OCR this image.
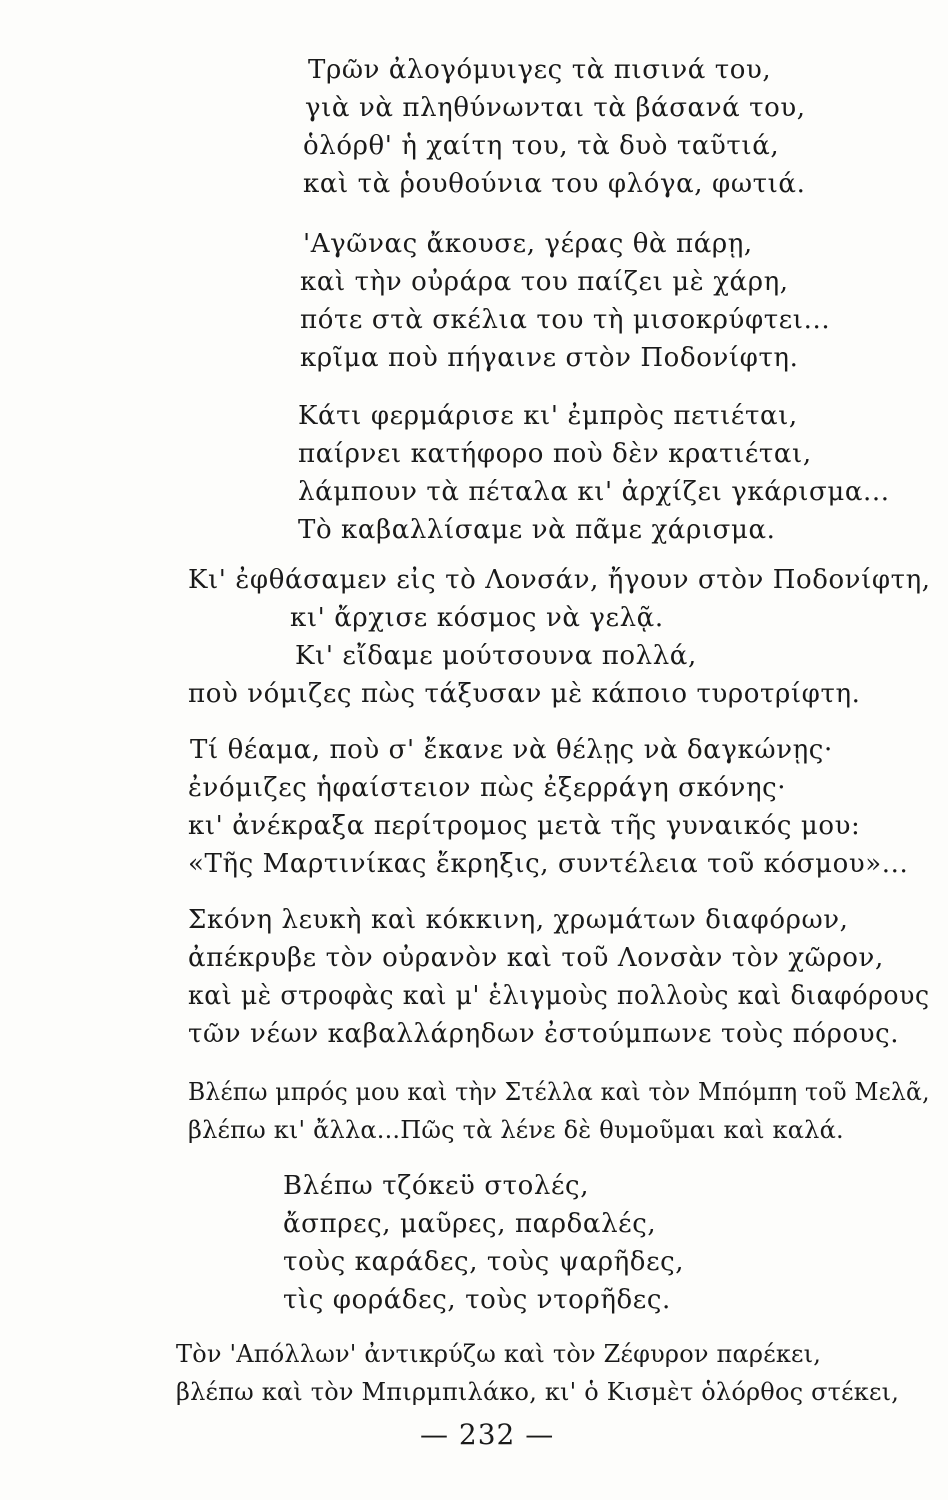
Τρῶν ἀλογόμυιγες τὰ πισινά του,
γιὰ νὰ πληθύνωνται τὰ βάσανά του,
ὁλόρθ' ἡ χαίτη του, τὰ δυὸ ταῦτιά,
καὶ τὰ ῥουθούνια του φλόγα, φωτιά.
'Αγῶνας ἄκουσε, γέρας θὰ πάρῃ,
καὶ τὴν οὐράρα του παίζει μὲ χάρη,
πότε στὰ σκέλια του τὴ μισοκρύφτει...
κρῖμα ποὺ πήγαινε στὸν Ποδονίφτη.
Κάτι φερμάρισε κι' ἐμπρὸς πετιέται,
παίρνει κατήφορο ποὺ δὲν κρατιέται,
λάμπουν τὰ πέταλα κι' ἀρχίζει γκάρισμα...
Τὸ καβαλλίσαμε νὰ πᾶμε χάρισμα.
Κι' ἐφθάσαμεν εἰς τὸ Λονσάν, ἤγουν στὸν Ποδονίφτη,
κι' ἄρχισε κόσμος νὰ γελᾷ.
Κι' εἴδαμε μούτσουνα πολλά,
ποὺ νόμιζες πὼς τάξυσαν μὲ κάποιο τυροτρίφτη.
Τί θέαμα, ποὺ σ' ἔκανε νὰ θέλῃς νὰ δαγκώνῃς·
ἐνόμιζες ἡφαίστειον πὼς ἐξερράγη σκόνης·
κι' ἀνέκραξα περίτρομος μετὰ τῆς γυναικός μου:
«Τῆς Μαρτινίκας ἔκρηξις, συντέλεια τοῦ κόσμου»...
Σκόνη λευκὴ καὶ κόκκινη, χρωμάτων διαφόρων,
ἀπέκρυβε τὸν οὐρανὸν καὶ τοῦ Λονσὰν τὸν χῶρον,
καὶ μὲ στροφὰς καὶ μ' ἑλιγμοὺς πολλοὺς καὶ διαφόρους
τῶν νέων καβαλλάρηδων ἐστούμπωνε τοὺς πόρους.
Βλέπω μπρός μου καὶ τὴν Στέλλα καὶ τὸν Μπόμπη τοῦ Μελᾶ,
βλέπω κι' ἄλλα...Πῶς τὰ λένε δὲ θυμοῦμαι καὶ καλά.
Βλέπω τζόκεϋ στολές,
ἄσπρες, μαῦρες, παρδαλές,
τοὺς καράδες, τοὺς ψαρῆδες,
τὶς φοράδες, τοὺς ντορῆδες.
Τὸν 'Απόλλων' ἀντικρύζω καὶ τὸν Ζέφυρον παρέκει,
βλέπω καὶ τὸν Μπιρμπιλάκο, κι' ὁ Κισμὲτ ὁλόρθος στέκει,
— 232 —
